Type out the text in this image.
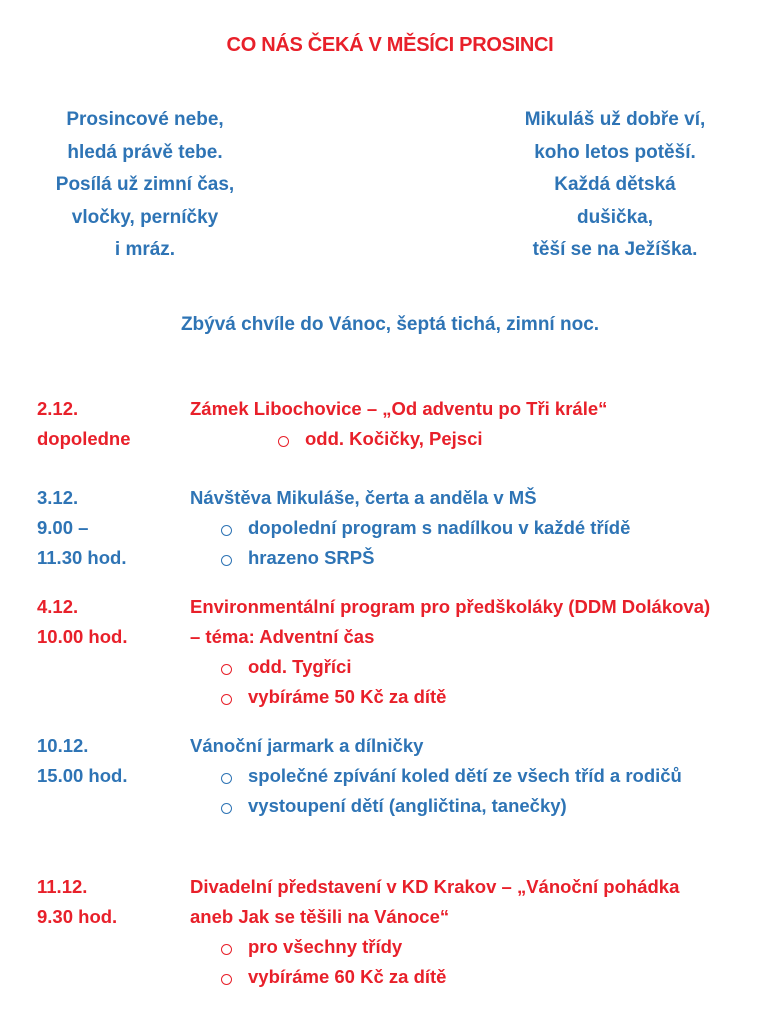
CO NÁS ČEKÁ V MĚSÍCI PROSINCI
Prosincové nebe,
hledá právě tebe.
Posílá už zimní čas,
vločky, perníčky
i mráz.
Mikuláš už dobře ví,
koho letos potěší.
Každá dětská
dušička,
těší se na Ježíška.
Zbývá chvíle do Vánoc, šeptá tichá, zimní noc.
2.12.
dopoledne
Zámek Libochovice – „Od adventu po Tři krále“
odd. Kočičky, Pejsci
3.12.
9.00 –
11.30 hod.
Návštěva Mikuláše, čerta a anděla v MŠ
dopolední program s nadílkou v každé třídě
hrazeno SRPŠ
4.12.
10.00 hod.
Environmentální program pro předškoláky (DDM Dolákova) – téma: Adventní čas
odd. Tygříci
vybíráme 50 Kč za dítě
10.12.
15.00 hod.
Vánoční jarmark a dílničky
společné zpívání koled dětí ze všech tříd a rodičů
vystoupení dětí (angličtina, tanečky)
11.12.
9.30 hod.
Divadelní představení v KD Krakov – „Vánoční pohádka aneb Jak se těšili na Vánoce“
pro všechny třídy
vybíráme 60 Kč za dítě
